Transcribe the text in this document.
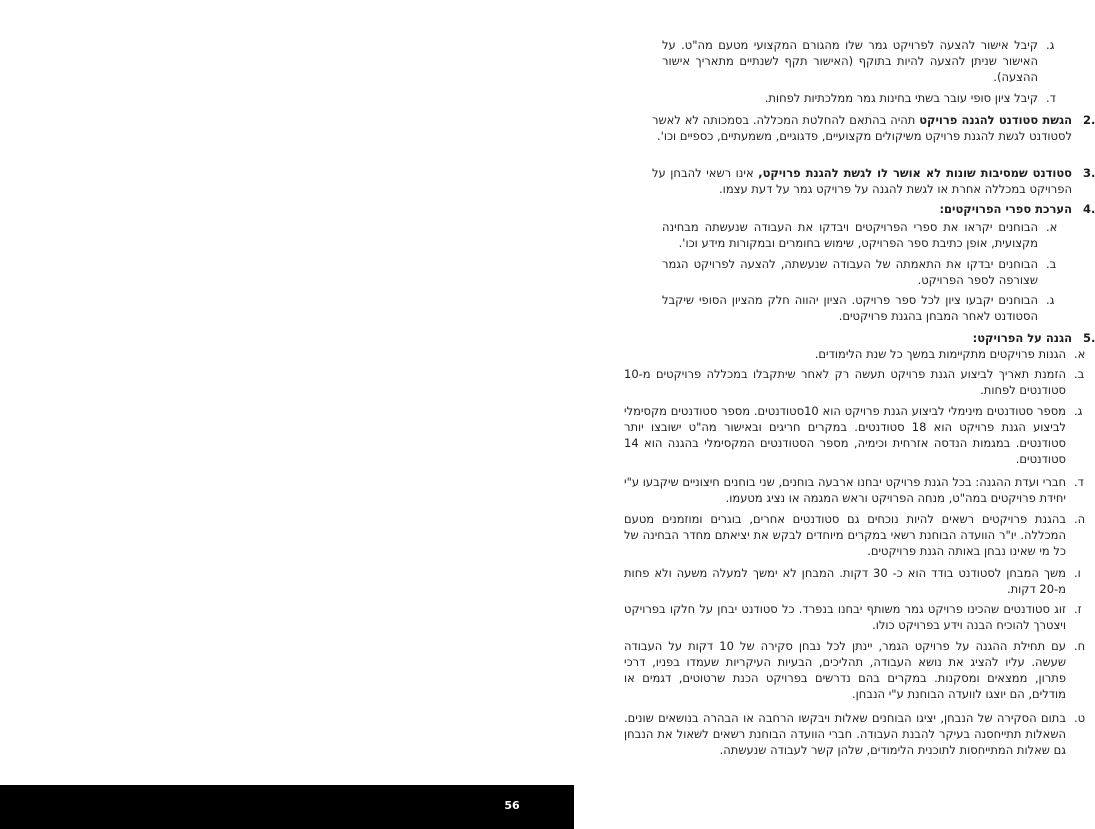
ג.
קיבל אישור להצעה לפרויקט גמר שלו מהגורם המקצועי מטעם מה"ט. על האישור שניתן להצעה להיות בתוקף (האישור תקף לשנתיים מתאריך אישור ההצעה).
ד.
קיבל ציון סופי עובר בשתי בחינות גמר ממלכתיות לפחות.
.2
הגשת סטודנט להגנה פרויקט תהיה בהתאם להחלטת המכללה. בסמכותה לא לאשר לסטודנט לגשת להגנת פרויקט משיקולים מקצועיים, פדגוגיים, משמעתיים, כספיים וכו'.
.3
סטודנט שמסיבות שונות לא אושר לו לגשת להגנת פרויקט, אינו רשאי להבחן על הפרויקט במכללה אחרת או לגשת להגנה על פרויקט גמר על דעת עצמו.
.4
הערכת ספרי הפרויקטים:
א.
הבוחנים יקראו את ספרי הפרויקטים ויבדקו את העבודה שנעשתה מבחינה מקצועית, אופן כתיבת ספר הפרויקט, שימוש בחומרים ובמקורות מידע וכו'.
ב.
הבוחנים יבדקו את התאמתה של העבודה שנעשתה, להצעה לפרויקט הגמר שצורפה לספר הפרויקט.
ג.
הבוחנים יקבעו ציון לכל ספר פרויקט. הציון יהווה חלק מהציון הסופי שיקבל הסטודנט לאחר המבחן בהגנת פרויקטים.
.5
הגנה על הפרויקט:
א.
הגנות פרויקטים מתקיימות במשך כל שנת הלימודים.
ב.
הזמנת תאריך לביצוע הגנת פרויקט תעשה רק לאחר שיתקבלו במכללה פרויקטים מ-10 סטודנטים לפחות.
ג.
מספר סטודנטים מינימלי לביצוע הגנת פרויקט הוא 10סטודנטים. מספר סטודנטים מקסימלי לביצוע הגנת פרויקט הוא 18 סטודנטים. במקרים חריגים ובאישור מה"ט ישובצו יותר סטודנטים. במגמות הנדסה אזרחית וכימיה, מספר הסטודנטים המקסימלי בהגנה הוא 14 סטודנטים.
ד.
חברי ועדת ההגנה: בכל הגנת פרויקט יבחנו ארבעה בוחנים, שני בוחנים חיצוניים שיקבעו ע"י יחידת פרויקטים במה"ט, מנחה הפרויקט וראש המגמה או נציג מטעמו.
ה.
בהגנת פרויקטים רשאים להיות נוכחים גם סטודנטים אחרים, בוגרים ומוזמנים מטעם המכללה. יו"ר הוועדה הבוחנת רשאי במקרים מיוחדים לבקש את יציאתם מחדר הבחינה של כל מי שאינו נבחן באותה הגנת פרויקטים.
ו.
משך המבחן לסטודנט בודד הוא כ- 30 דקות. המבחן לא ימשך למעלה משעה ולא פחות מ-20 דקות.
ז.
זוג סטודנטים שהכינו פרויקט גמר משותף יבחנו בנפרד. כל סטודנט יבחן על חלקו בפרויקט ויצטרך להוכיח הבנה וידע בפרויקט כולו.
ח.
עם תחילת ההגנה על פרויקט הגמר, יינתן לכל נבחן סקירה של 10 דקות על העבודה שעשה. עליו להציג את נושא העבודה, תהליכים, הבעיות העיקריות שעמדו בפניו, דרכי פתרון, ממצאים ומסקנות. במקרים בהם נדרשים בפרויקט הכנת שרטוטים, דגמים או מודלים, הם יוצגו לוועדה הבוחנת ע"י הנבחן.
ט.
בתום הסקירה של הנבחן, יציגו הבוחנים שאלות ויבקשו הרחבה או הבהרה בנושאים שונים. השאלות תתייחסנה בעיקר להבנת העבודה. חברי הוועדה הבוחנת רשאים לשאול את הנבחן גם שאלות המתייחסות לתוכנית הלימודים, שלהן קשר לעבודה שנעשתה.
56
